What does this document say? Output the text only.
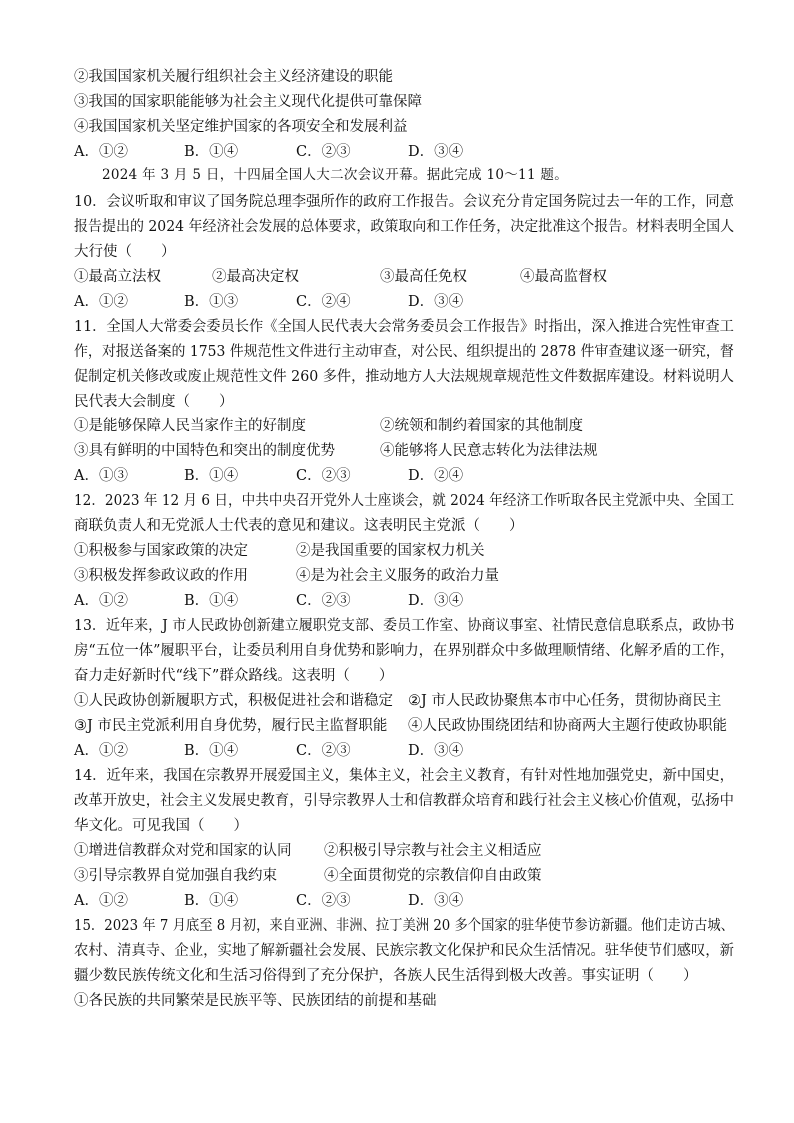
②我国国家机关履行组织社会主义经济建设的职能
③我国的国家职能能够为社会主义现代化提供可靠保障
④我国国家机关坚定维护国家的各项安全和发展利益
A．①②	B．①④	C．②③	D．③④
2024 年 3 月 5 日，十四届全国人大二次会议开幕。据此完成 10～11 题。
10．会议听取和审议了国务院总理李强所作的政府工作报告。会议充分肯定国务院过去一年的工作，同意
报告提出的 2024 年经济社会发展的总体要求，政策取向和工作任务，决定批准这个报告。材料表明全国人
大行使（　　）
①最高立法权	②最高决定权	③最高任免权	④最高监督权
A．①②	B．①③	C．②④	D．③④
11．全国人大常委会委员长作《全国人民代表大会常务委员会工作报告》时指出，深入推进合宪性审查工
作，对报送备案的 1753 件规范性文件进行主动审查，对公民、组织提出的 2878 件审查建议逐一研究，督
促制定机关修改或废止规范性文件 260 多件，推动地方人大法规规章规范性文件数据库建设。材料说明人
民代表大会制度（　　）
①是能够保障人民当家作主的好制度	②统领和制约着国家的其他制度
③具有鲜明的中国特色和突出的制度优势	④能够将人民意志转化为法律法规
A．①③	B．①④	C．②③	D．②④
12．2023 年 12 月 6 日，中共中央召开党外人士座谈会，就 2024 年经济工作听取各民主党派中央、全国工
商联负责人和无党派人士代表的意见和建议。这表明民主党派（　　）
①积极参与国家政策的决定	②是我国重要的国家权力机关
③积极发挥参政议政的作用	④是为社会主义服务的政治力量
A．①②	B．①④	C．②③	D．③④
13．近年来，J 市人民政协创新建立履职党支部、委员工作室、协商议事室、社情民意信息联系点，政协书
房“五位一体”履职平台，让委员利用自身优势和影响力，在界别群众中多做理顺情绪、化解矛盾的工作，
奋力走好新时代“线下”群众路线。这表明（　　）
①人民政协创新履职方式，积极促进社会和谐稳定 ②J 市人民政协聚焦本市中心任务，贯彻协商民主
③J 市民主党派利用自身优势，履行民主监督职能 ④人民政协围绕团结和协商两大主题行使政协职能
A．①②	B．①④	C．②③	D．③④
14．近年来，我国在宗教界开展爱国主义，集体主义，社会主义教育，有针对性地加强党史，新中国史，
改革开放史，社会主义发展史教育，引导宗教界人士和信教群众培育和践行社会主义核心价值观，弘扬中
华文化。可见我国（　　）
①增进信教群众对党和国家的认同 ②积极引导宗教与社会主义相适应
③引导宗教界自觉加强自我约束	④全面贯彻党的宗教信仰自由政策
A．①②	B．①④	C．②③	D．③④
15．2023 年 7 月底至 8 月初，来自亚洲、非洲、拉丁美洲 20 多个国家的驻华使节参访新疆。他们走访古城、
农村、清真寺、企业，实地了解新疆社会发展、民族宗教文化保护和民众生活情况。驻华使节们感叹，新
疆少数民族传统文化和生活习俗得到了充分保护，各族人民生活得到极大改善。事实证明（　　）
①各民族的共同繁荣是民族平等、民族团结的前提和基础
